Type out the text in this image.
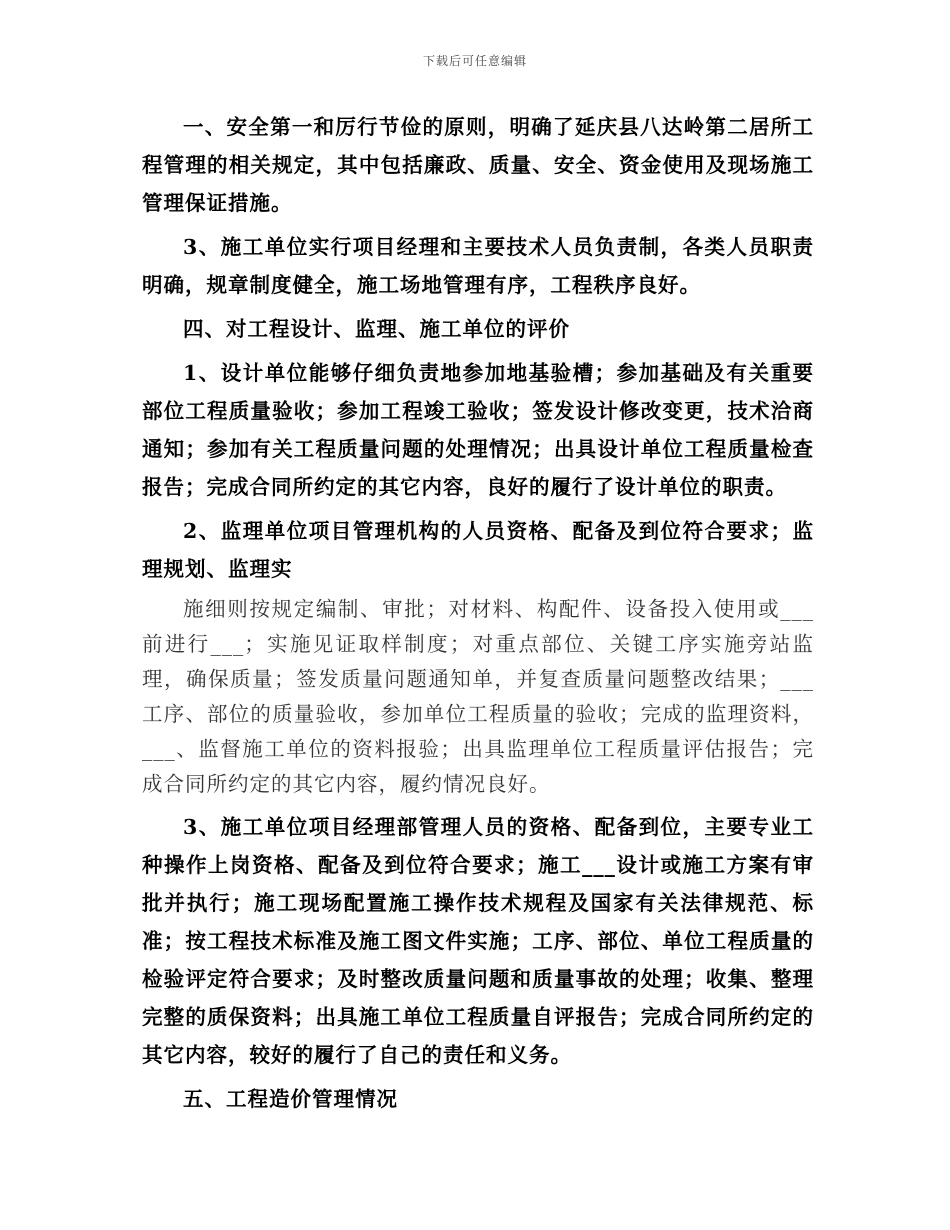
下载后可任意编辑

一、安全第一和厉行节俭的原则，明确了延庆县八达岭第二居所工程管理的相关规定，其中包括廉政、质量、安全、资金使用及现场施工管理保证措施。

3、施工单位实行项目经理和主要技术人员负责制，各类人员职责明确，规章制度健全，施工场地管理有序，工程秩序良好。

四、对工程设计、监理、施工单位的评价

1、设计单位能够仔细负责地参加地基验槽；参加基础及有关重要部位工程质量验收；参加工程竣工验收；签发设计修改变更，技术洽商通知；参加有关工程质量问题的处理情况；出具设计单位工程质量检查报告；完成合同所约定的其它内容，良好的履行了设计单位的职责。

2、监理单位项目管理机构的人员资格、配备及到位符合要求；监理规划、监理实

施细则按规定编制、审批；对材料、构配件、设备投入使用或___前进行___；实施见证取样制度；对重点部位、关键工序实施旁站监理，确保质量；签发质量问题通知单，并复查质量问题整改结果；___工序、部位的质量验收，参加单位工程质量的验收；完成的监理资料，___、监督施工单位的资料报验；出具监理单位工程质量评估报告；完成合同所约定的其它内容，履约情况良好。

3、施工单位项目经理部管理人员的资格、配备到位，主要专业工种操作上岗资格、配备及到位符合要求；施工___设计或施工方案有审批并执行；施工现场配置施工操作技术规程及国家有关法律规范、标准；按工程技术标准及施工图文件实施；工序、部位、单位工程质量的检验评定符合要求；及时整改质量问题和质量事故的处理；收集、整理完整的质保资料；出具施工单位工程质量自评报告；完成合同所约定的其它内容，较好的履行了自己的责任和义务。

五、工程造价管理情况
